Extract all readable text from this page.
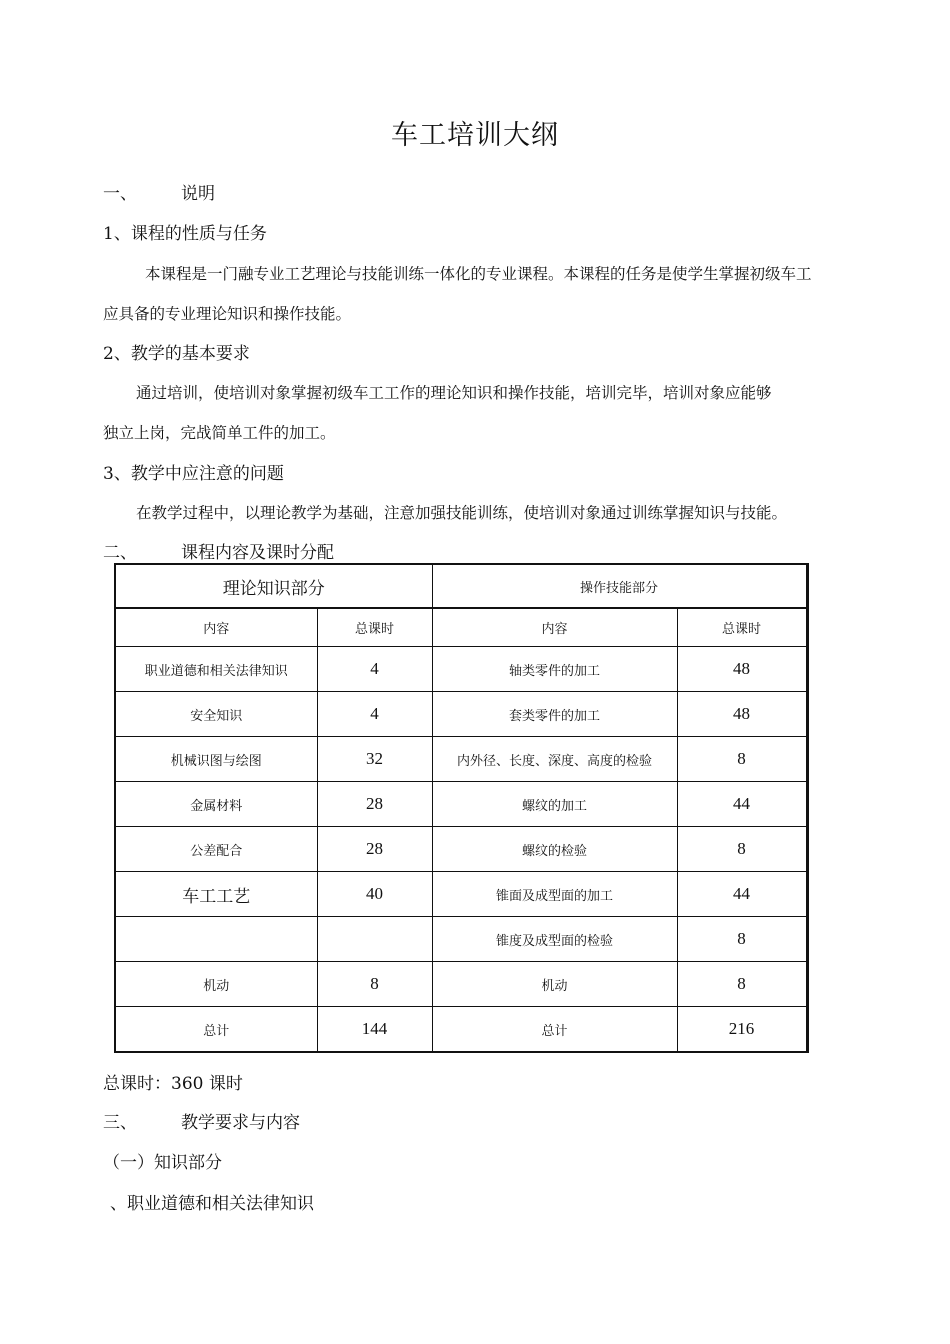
车工培训大纲
一、	说明
1、课程的性质与任务
本课程是一门融专业工艺理论与技能训练一体化的专业课程。本课程的任务是使学生掌握初级车工
应具备的专业理论知识和操作技能。
2、教学的基本要求
通过培训，使培训对象掌握初级车工工作的理论知识和操作技能，培训完毕，培训对象应能够
独立上岗，完战简单工件的加工。
3、教学中应注意的问题
在教学过程中，以理论教学为基础，注意加强技能训练，使培训对象通过训练掌握知识与技能。
二、	课程内容及课时分配
理论知识部分		操作技能部分	
内容	总课时	内容	总课时
职业道德和相关法律知识	4	轴类零件的加工	48
安全知识	4	套类零件的加工	48
机械识图与绘图	32	内外径、长度、深度、高度的检验	8
金属材料	28	螺纹的加工	44
公差配合	28	螺纹的检验	8
车工工艺	40	锥面及成型面的加工	44
		锥度及成型面的检验	8
机动	8	机动	8
总计	144	总计	216
总课时：360 课时
三、	教学要求与内容
（一）知识部分
、职业道德和相关法律知识
